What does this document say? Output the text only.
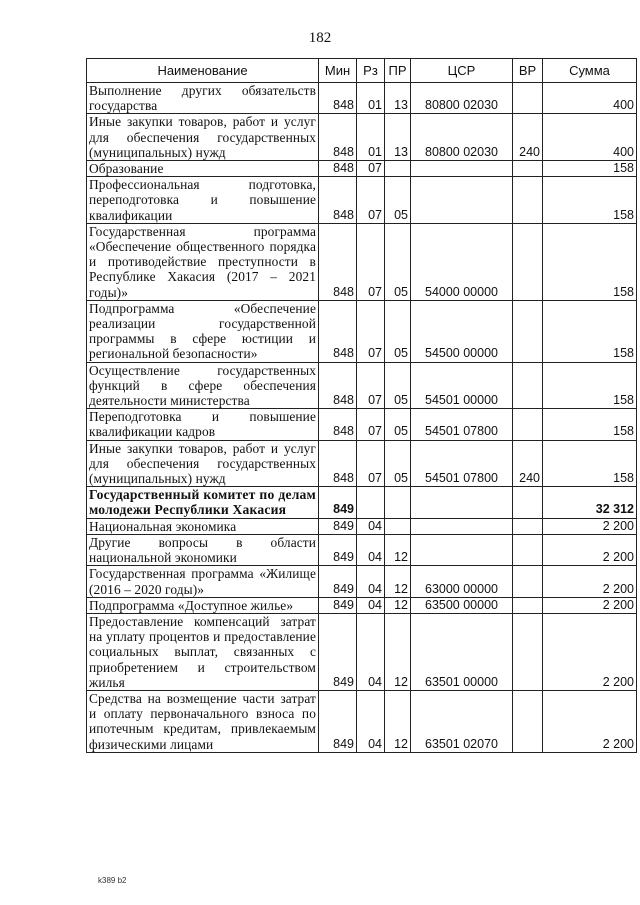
182
Наименование	Мин	Рз	ПР	ЦСР	ВР	Сумма
Выполнение других обязательств государства	848	01	13	80800 02030		400
Иные закупки товаров, работ и услуг для обеспечения государственных (муниципальных) нужд	848	01	13	80800 02030	240	400
Образование	848	07				158
Профессиональная подготовка, переподготовка и повышение квалификации	848	07	05			158
Государственная программа «Обеспечение общественного порядка и противодействие преступности в Республике Хакасия (2017 – 2021 годы)»	848	07	05	54000 00000		158
Подпрограмма «Обеспечение реализации государственной программы в сфере юстиции и региональной безопасности»	848	07	05	54500 00000		158
Осуществление государственных функций в сфере обеспечения деятельности министерства	848	07	05	54501 00000		158
Переподготовка и повышение квалификации кадров	848	07	05	54501 07800		158
Иные закупки товаров, работ и услуг для обеспечения государственных (муниципальных) нужд	848	07	05	54501 07800	240	158
Государственный комитет по делам молодежи Республики Хакасия	849					32 312
Национальная экономика	849	04				2 200
Другие вопросы в области национальной экономики	849	04	12			2 200
Государственная программа «Жилище (2016 – 2020 годы)»	849	04	12	63000 00000		2 200
Подпрограмма «Доступное жилье»	849	04	12	63500 00000		2 200
Предоставление компенсаций затрат на уплату процентов и предоставление социальных выплат, связанных с приобретением и строительством жилья	849	04	12	63501 00000		2 200
Средства на возмещение части затрат и оплату первоначального взноса по ипотечным кредитам, привлекаемым физическими лицами	849	04	12	63501 02070		2 200
k389 b2
